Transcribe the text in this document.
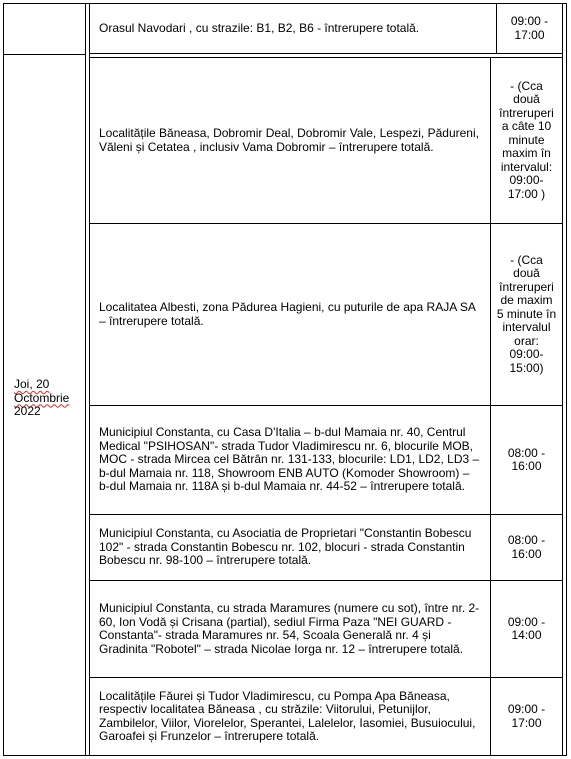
Joi, 20
Octombrie
2022
Orasul Navodari , cu strazile: B1, B2, B6 - întrerupere totală.	09:00 - 17:00
Localitățile Băneasa, Dobromir Deal, Dobromir Vale, Lespezi, Pădureni, Văleni și Cetatea , inclusiv Vama Dobromir – întrerupere totală.
- (Cca două întreruperi a câte 10 minute maxim în intervalul: 09:00-17:00 )
Localitatea Albesti, zona Pădurea Hagieni, cu puturile de apa RAJA SA – întrerupere totală.
- (Cca două întreruperi de maxim 5 minute în intervalul orar: 09:00-15:00)
Municipiul Constanta, cu Casa D'Italia – b-dul Mamaia nr. 40, Centrul Medical "PSIHOSAN"- strada Tudor Vladimirescu nr. 6, blocurile MOB, MOC - strada Mircea cel Bătrân nr. 131-133, blocurile: LD1, LD2, LD3 – b-dul Mamaia nr. 118, Showroom ENB AUTO (Komoder Showroom) – b-dul Mamaia nr. 118A și b-dul Mamaia nr. 44-52 – întrerupere totală.
08:00 - 16:00
Municipiul Constanta, cu Asociatia de Proprietari "Constantin Bobescu 102" - strada Constantin Bobescu nr. 102, blocuri - strada Constantin Bobescu nr. 98-100 – întrerupere totală.
08:00 - 16:00
Municipiul Constanta, cu strada Maramures (numere cu sot), între nr. 2-60, Ion Vodă și Crisana (partial), sediul Firma Paza "NEI GUARD - Constanta"- strada Maramures nr. 54, Scoala Generală nr. 4 și Gradinita "Robotel" – strada Nicolae Iorga nr. 12 – întrerupere totală.
09:00 - 14:00
Localitățile Făurei și Tudor Vladimirescu, cu Pompa Apa Băneasa, respectiv localitatea Băneasa , cu străzile: Viitorului, Petunijlor, Zambilelor, Viilor, Viorelelor, Sperantei, Lalelelor, Iasomiei, Busuiocului, Garoafei și Frunzelor – întrerupere totală.
09:00 - 17:00
